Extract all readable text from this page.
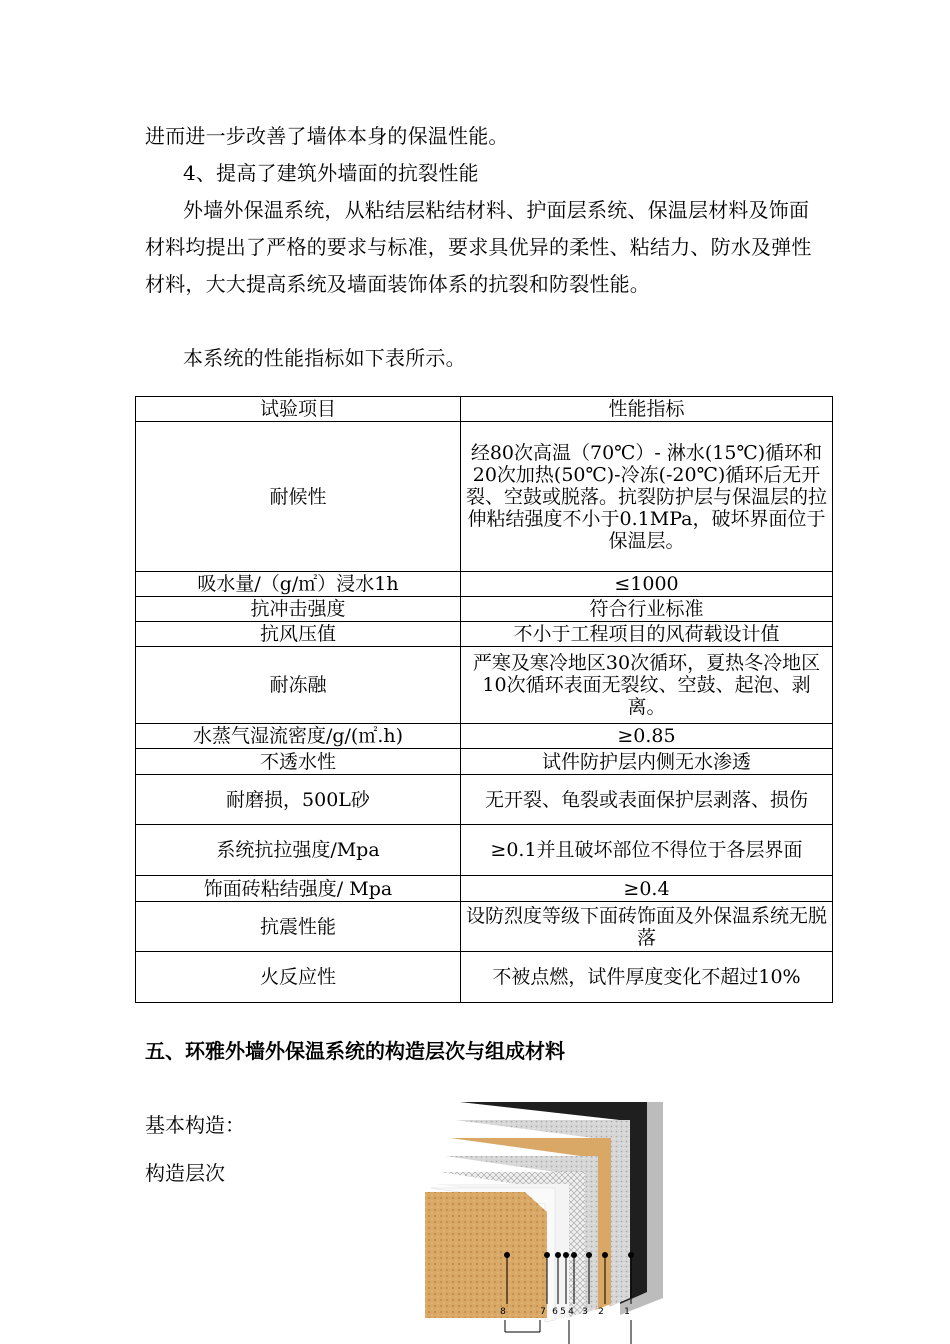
进而进一步改善了墙体本身的保温性能。

4、提高了建筑外墙面的抗裂性能

外墙外保温系统，从粘结层粘结材料、护面层系统、保温层材料及饰面材料均提出了严格的要求与标准，要求具优异的柔性、粘结力、防水及弹性材料，大大提高系统及墙面装饰体系的抗裂和防裂性能。

本系统的性能指标如下表所示。

试验项目	性能指标
耐候性	经80次高温（70℃）- 淋水(15℃)循环和20次加热(50℃)-冷冻(-20℃)循环后无开裂、空鼓或脱落。抗裂防护层与保温层的拉伸粘结强度不小于0.1MPa，破坏界面位于保温层。
吸水量/（g/㎡）浸水1h	≤1000
抗冲击强度	符合行业标准
抗风压值	不小于工程项目的风荷载设计值
耐冻融	严寒及寒冷地区30次循环，夏热冬冷地区10次循环表面无裂纹、空鼓、起泡、剥离。
水蒸气湿流密度/g/(㎡.h)	≥0.85
不透水性	试件防护层内侧无水渗透
耐磨损，500L砂	无开裂、龟裂或表面保护层剥落、损伤
系统抗拉强度/Mpa	≥0.1并且破坏部位不得位于各层界面
饰面砖粘结强度/ Mpa	≥0.4
抗震性能	设防烈度等级下面砖饰面及外保温系统无脱落
火反应性	不被点燃，试件厚度变化不超过10%
五、环雅外墙外保温系统的构造层次与组成材料

基本构造：

构造层次

8	7 6 5 4 3 2 1
